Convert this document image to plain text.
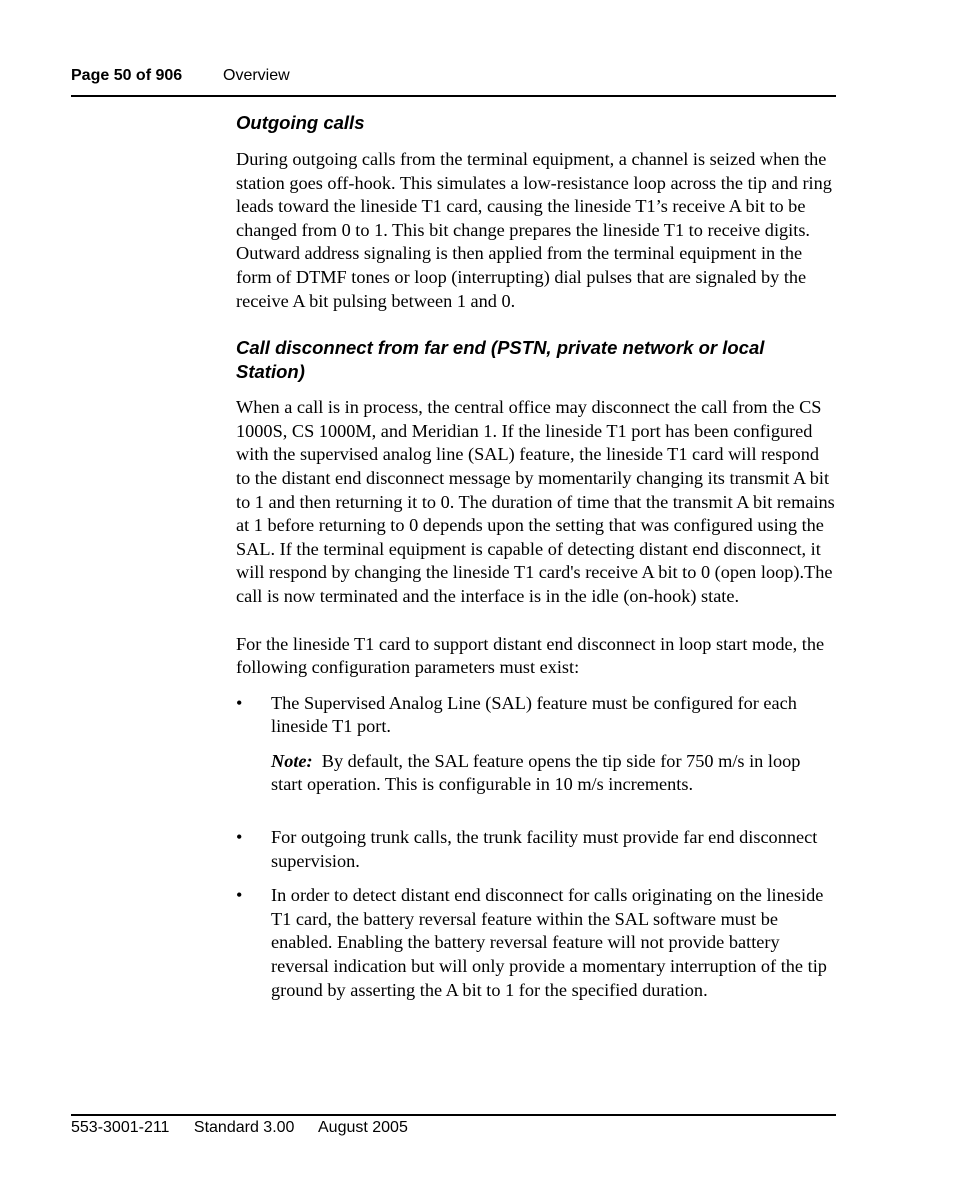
Page 50 of 906	Overview
Outgoing calls

During outgoing calls from the terminal equipment, a channel is seized when the station goes off-hook. This simulates a low-resistance loop across the tip and ring leads toward the lineside T1 card, causing the lineside T1’s receive A bit to be changed from 0 to 1. This bit change prepares the lineside T1 to receive digits. Outward address signaling is then applied from the terminal equipment in the form of DTMF tones or loop (interrupting) dial pulses that are signaled by the receive A bit pulsing between 1 and 0.

Call disconnect from far end (PSTN, private network or local Station)

When a call is in process, the central office may disconnect the call from the CS 1000S, CS 1000M, and Meridian 1. If the lineside T1 port has been configured with the supervised analog line (SAL) feature, the lineside T1 card will respond to the distant end disconnect message by momentarily changing its transmit A bit to 1 and then returning it to 0. The duration of time that the transmit A bit remains at 1 before returning to 0 depends upon the setting that was configured using the SAL. If the terminal equipment is capable of detecting distant end disconnect, it will respond by changing the lineside T1 card's receive A bit to 0 (open loop).The call is now terminated and the interface is in the idle (on-hook) state.

For the lineside T1 card to support distant end disconnect in loop start mode, the following configuration parameters must exist:

• The Supervised Analog Line (SAL) feature must be configured for each lineside T1 port.

Note: By default, the SAL feature opens the tip side for 750 m/s in loop start operation. This is configurable in 10 m/s increments.

• For outgoing trunk calls, the trunk facility must provide far end disconnect supervision.
• In order to detect distant end disconnect for calls originating on the lineside T1 card, the battery reversal feature within the SAL software must be enabled. Enabling the battery reversal feature will not provide battery reversal indication but will only provide a momentary interruption of the tip ground by asserting the A bit to 1 for the specified duration.
553-3001-211 Standard 3.00 August 2005
